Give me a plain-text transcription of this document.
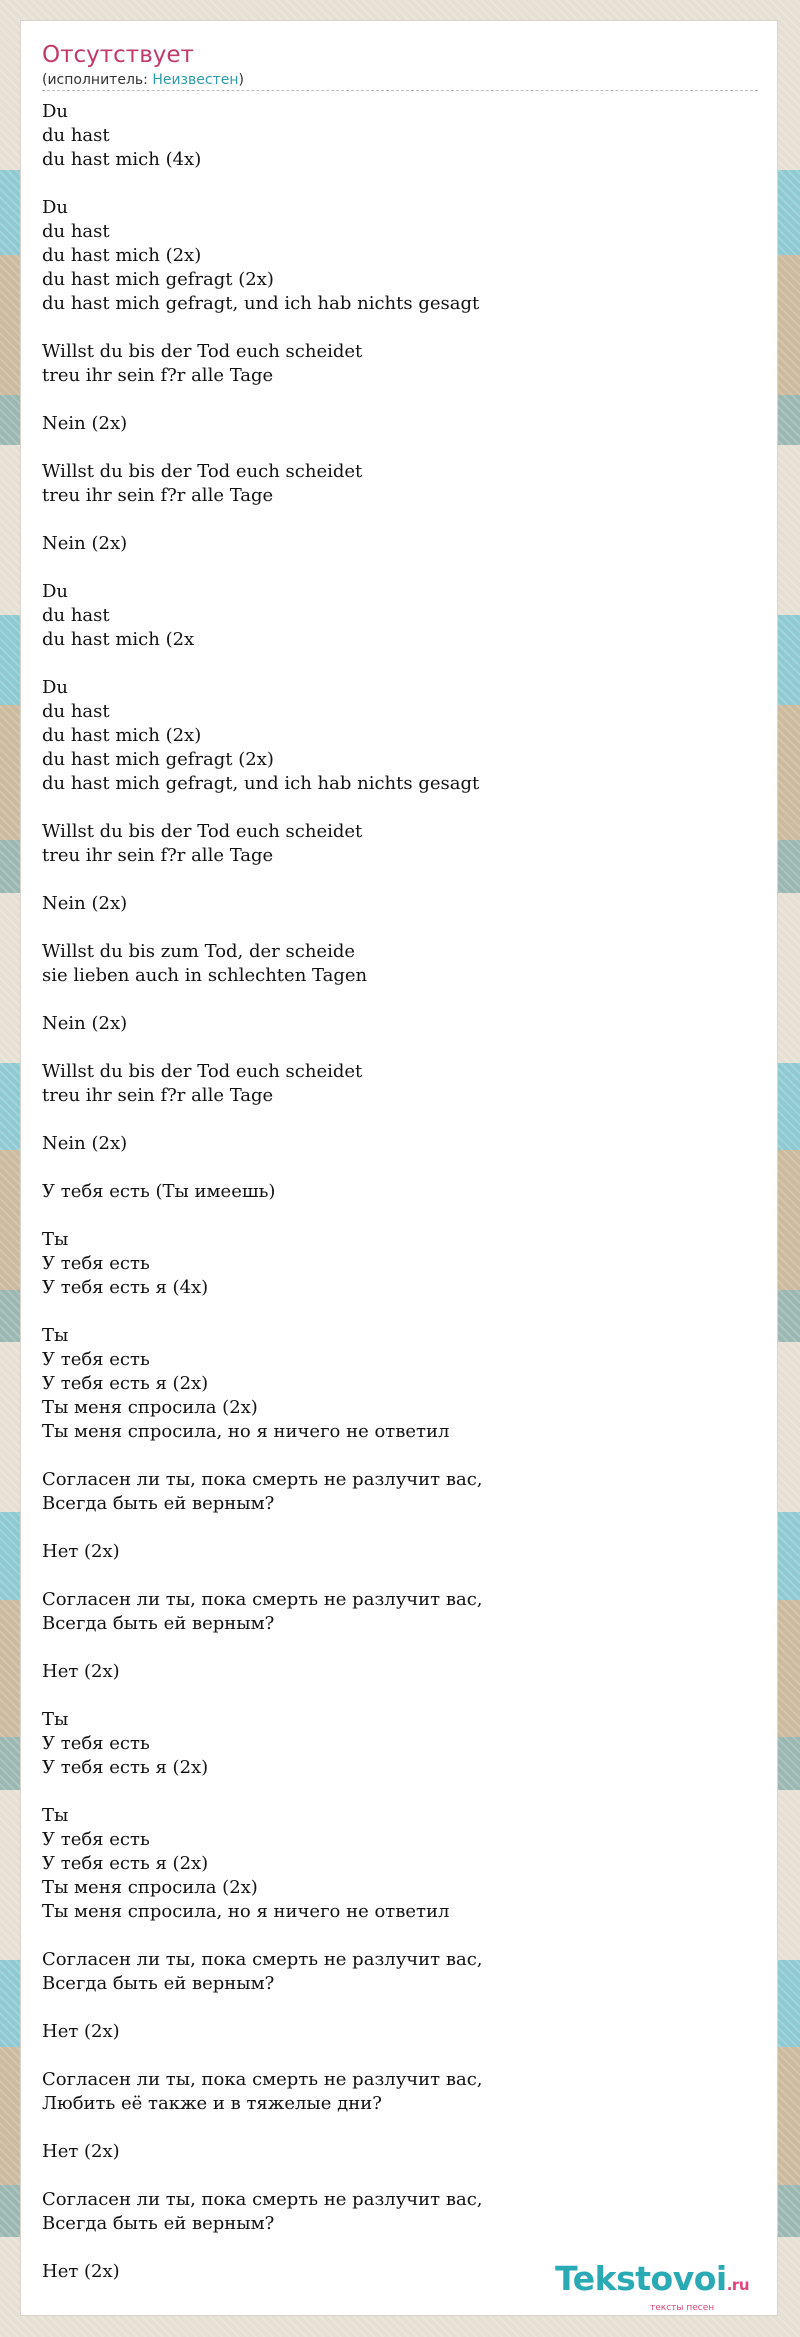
Отсутствует
(исполнитель: Неизвестен)
Du
du hast
du hast mich (4x)

Du
du hast
du hast mich (2x)
du hast mich gefragt (2x)
du hast mich gefragt, und ich hab nichts gesagt

Willst du bis der Tod euch scheidet
treu ihr sein f?r alle Tage

Nein (2x)

Willst du bis der Tod euch scheidet
treu ihr sein f?r alle Tage

Nein (2x)

Du
du hast
du hast mich (2x

Du
du hast
du hast mich (2x)
du hast mich gefragt (2x)
du hast mich gefragt, und ich hab nichts gesagt

Willst du bis der Tod euch scheidet
treu ihr sein f?r alle Tage

Nein (2x)

Willst du bis zum Tod, der scheide
sie lieben auch in schlechten Tagen

Nein (2x)

Willst du bis der Tod euch scheidet
treu ihr sein f?r alle Tage

Nein (2x)

У тебя есть (Ты имеешь)

Ты
У тебя есть
У тебя есть я (4x)

Ты
У тебя есть
У тебя есть я (2x)
Ты меня спросила (2x)
Ты меня спросила, но я ничего не ответил

Согласен ли ты, пока смерть не разлучит вас,
Всегда быть ей верным?

Нет (2x)

Согласен ли ты, пока смерть не разлучит вас,
Всегда быть ей верным?

Нет (2x)

Ты
У тебя есть
У тебя есть я (2x)

Ты
У тебя есть
У тебя есть я (2x)
Ты меня спросила (2x)
Ты меня спросила, но я ничего не ответил

Согласен ли ты, пока смерть не разлучит вас,
Всегда быть ей верным?

Нет (2x)

Согласен ли ты, пока смерть не разлучит вас,
Любить её также и в тяжелые дни?

Нет (2x)

Согласен ли ты, пока смерть не разлучит вас,
Всегда быть ей верным?

Нет (2x)	Tekstovoi.ru
тексты песен
